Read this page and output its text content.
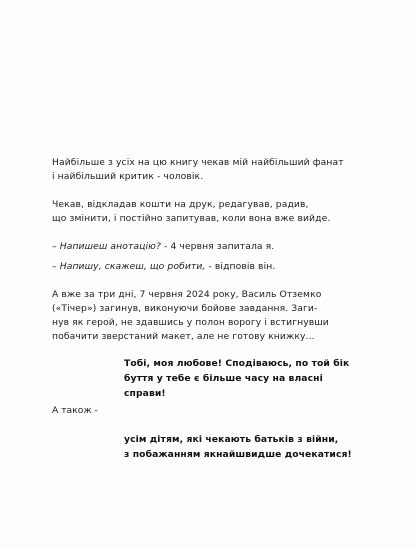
Найбільше з усіх на цю книгу чекав мій найбільший фанат
і найбільший критик - чоловік.
Чекав, відкладав кошти на друк, редагував, радив,
що змінити, і постійно запитував, коли вона вже вийде.
– Напишеш анотацію? - 4 червня запитала я.
– Напишу, скажеш, що робити, - відповів він.
А вже за три дні, 7 червня 2024 року, Василь Отземко
(«Тічер») загинув, виконуючи бойове завдання. Заги-
нув як герой, не здавшись у полон ворогу і встигнувши
побачити зверстаний макет, але не готову книжку...
Тобі, моя любове! Сподіваюсь, по той бік
буття у тебе є більше часу на власні
справи!
А також -
усім дітям, які чекають батьків з війни,
з побажанням якнайшвидше дочекатися!
